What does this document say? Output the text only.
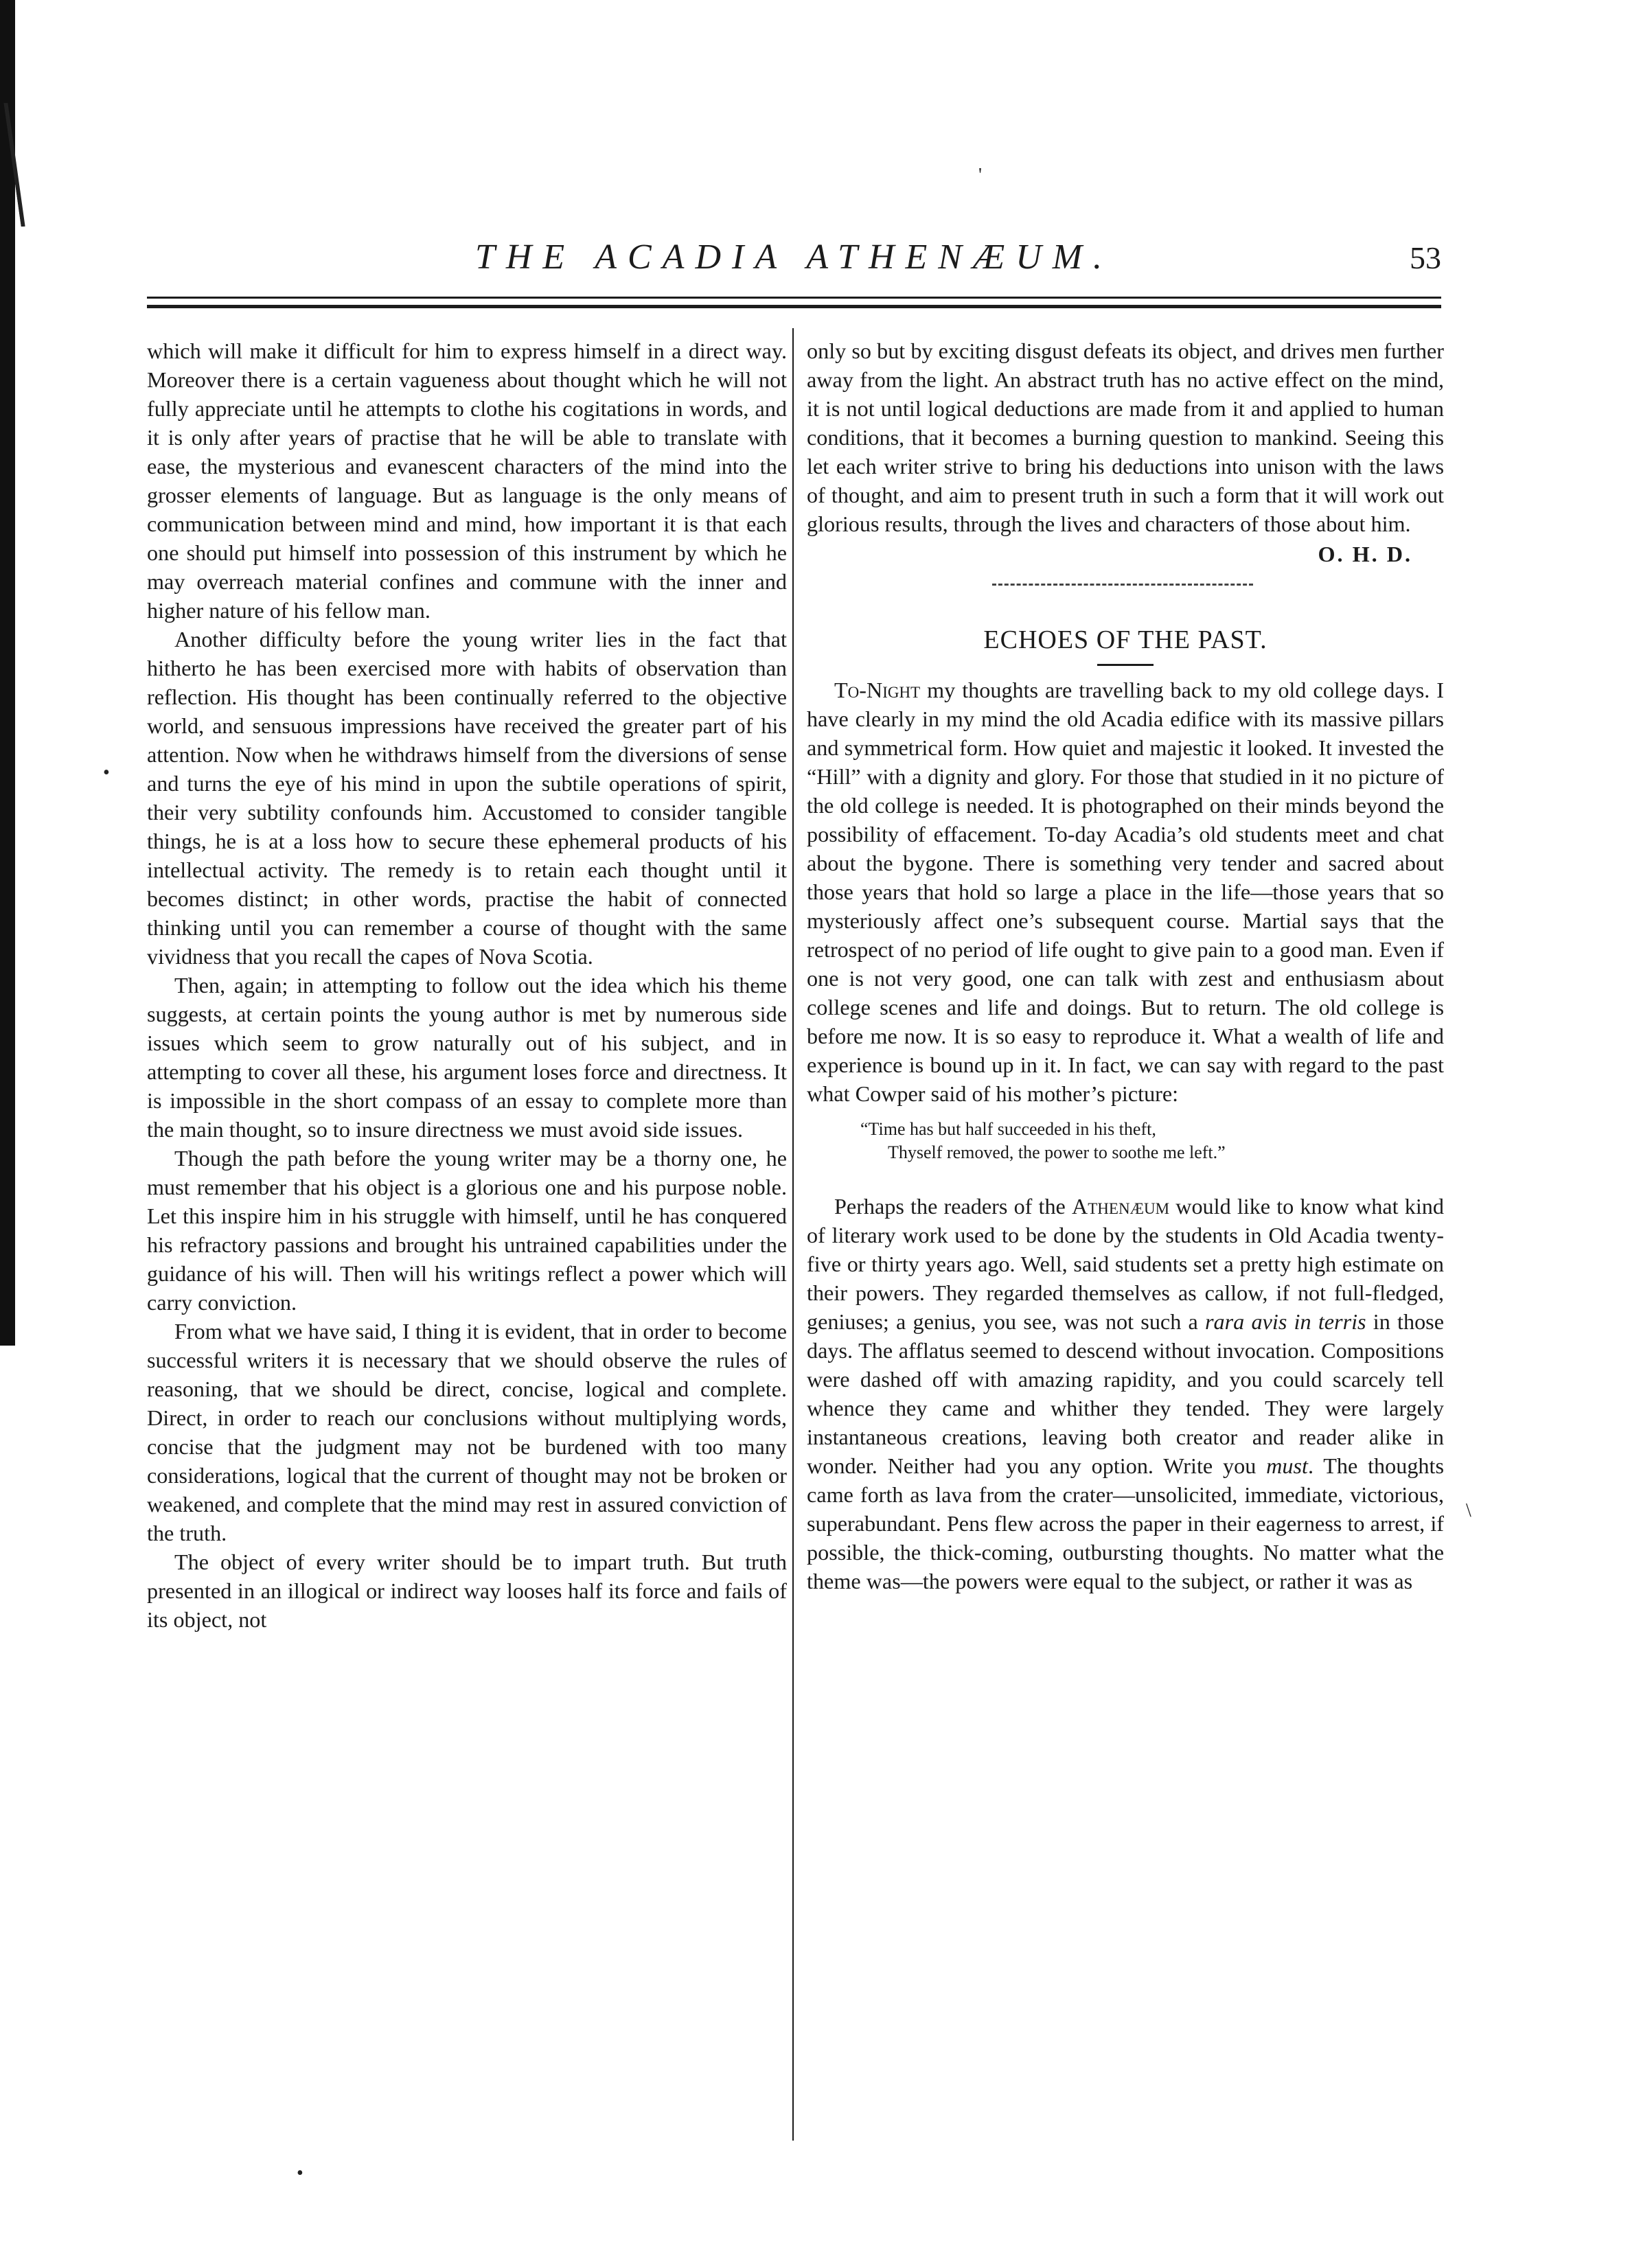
THE ACADIA ATHENÆUM.	53

which will make it difficult for him to express himself in a direct way. Moreover there is a certain vagueness about thought which he will not fully appreciate until he attempts to clothe his cogitations in words, and it is only after years of practise that he will be able to translate with ease, the mysterious and evanescent characters of the mind into the grosser elements of language. But as language is the only means of communication between mind and mind, how important it is that each one should put himself into possession of this instrument by which he may overreach material confines and commune with the inner and higher nature of his fellow man.

Another difficulty before the young writer lies in the fact that hitherto he has been exercised more with habits of observation than reflection. His thought has been continually referred to the objective world, and sensuous impressions have received the greater part of his attention. Now when he withdraws himself from the diversions of sense and turns the eye of his mind in upon the subtile operations of spirit, their very subtility confounds him. Accustomed to consider tangible things, he is at a loss how to secure these ephemeral products of his intellectual activity. The remedy is to retain each thought until it becomes distinct; in other words, practise the habit of connected thinking until you can remember a course of thought with the same vividness that you recall the capes of Nova Scotia.

Then, again; in attempting to follow out the idea which his theme suggests, at certain points the young author is met by numerous side issues which seem to grow naturally out of his subject, and in attempting to cover all these, his argument loses force and directness. It is impossible in the short compass of an essay to complete more than the main thought, so to insure directness we must avoid side issues.

Though the path before the young writer may be a thorny one, he must remember that his object is a glorious one and his purpose noble. Let this inspire him in his struggle with himself, until he has conquered his refractory passions and brought his untrained capabilities under the guidance of his will. Then will his writings reflect a power which will carry conviction.

From what we have said, I thing it is evident, that in order to become successful writers it is necessary that we should observe the rules of reasoning, that we should be direct, concise, logical and complete. Direct, in order to reach our conclusions without multiplying words, concise that the judgment may not be burdened with too many considerations, logical that the current of thought may not be broken or weakened, and complete that the mind may rest in assured conviction of the truth.

The object of every writer should be to impart truth. But truth presented in an illogical or indirect way looses half its force and fails of its object, not

only so but by exciting disgust defeats its object, and drives men further away from the light. An abstract truth has no active effect on the mind, it is not until logical deductions are made from it and applied to human conditions, that it becomes a burning question to mankind. Seeing this let each writer strive to bring his deductions into unison with the laws of thought, and aim to present truth in such a form that it will work out glorious results, through the lives and characters of those about him.

O. H. D.

ECHOES OF THE PAST.

To-Night my thoughts are travelling back to my old college days. I have clearly in my mind the old Acadia edifice with its massive pillars and symmetrical form. How quiet and majestic it looked. It invested the “Hill” with a dignity and glory. For those that studied in it no picture of the old college is needed. It is photographed on their minds beyond the possibility of effacement. To-day Acadia’s old students meet and chat about the bygone. There is something very tender and sacred about those years that hold so large a place in the life—those years that so mysteriously affect one’s subsequent course. Martial says that the retrospect of no period of life ought to give pain to a good man. Even if one is not very good, one can talk with zest and enthusiasm about college scenes and life and doings. But to return. The old college is before me now. It is so easy to reproduce it. What a wealth of life and experience is bound up in it. In fact, we can say with regard to the past what Cowper said of his mother’s picture:

“Time has but half succeeded in his theft,
Thyself removed, the power to soothe me left.”

Perhaps the readers of the Athenæum would like to know what kind of literary work used to be done by the students in Old Acadia twenty-five or thirty years ago. Well, said students set a pretty high estimate on their powers. They regarded themselves as callow, if not full-fledged, geniuses; a genius, you see, was not such a rara avis in terris in those days. The afflatus seemed to descend without invocation. Compositions were dashed off with amazing rapidity, and you could scarcely tell whence they came and whither they tended. They were largely instantaneous creations, leaving both creator and reader alike in wonder. Neither had you any option. Write you must. The thoughts came forth as lava from the crater—unsolicited, immediate, victorious, superabundant. Pens flew across the paper in their eagerness to arrest, if possible, the thick-coming, outbursting thoughts. No matter what the theme was—the powers were equal to the subject, or rather it was as

'
•
\
•
